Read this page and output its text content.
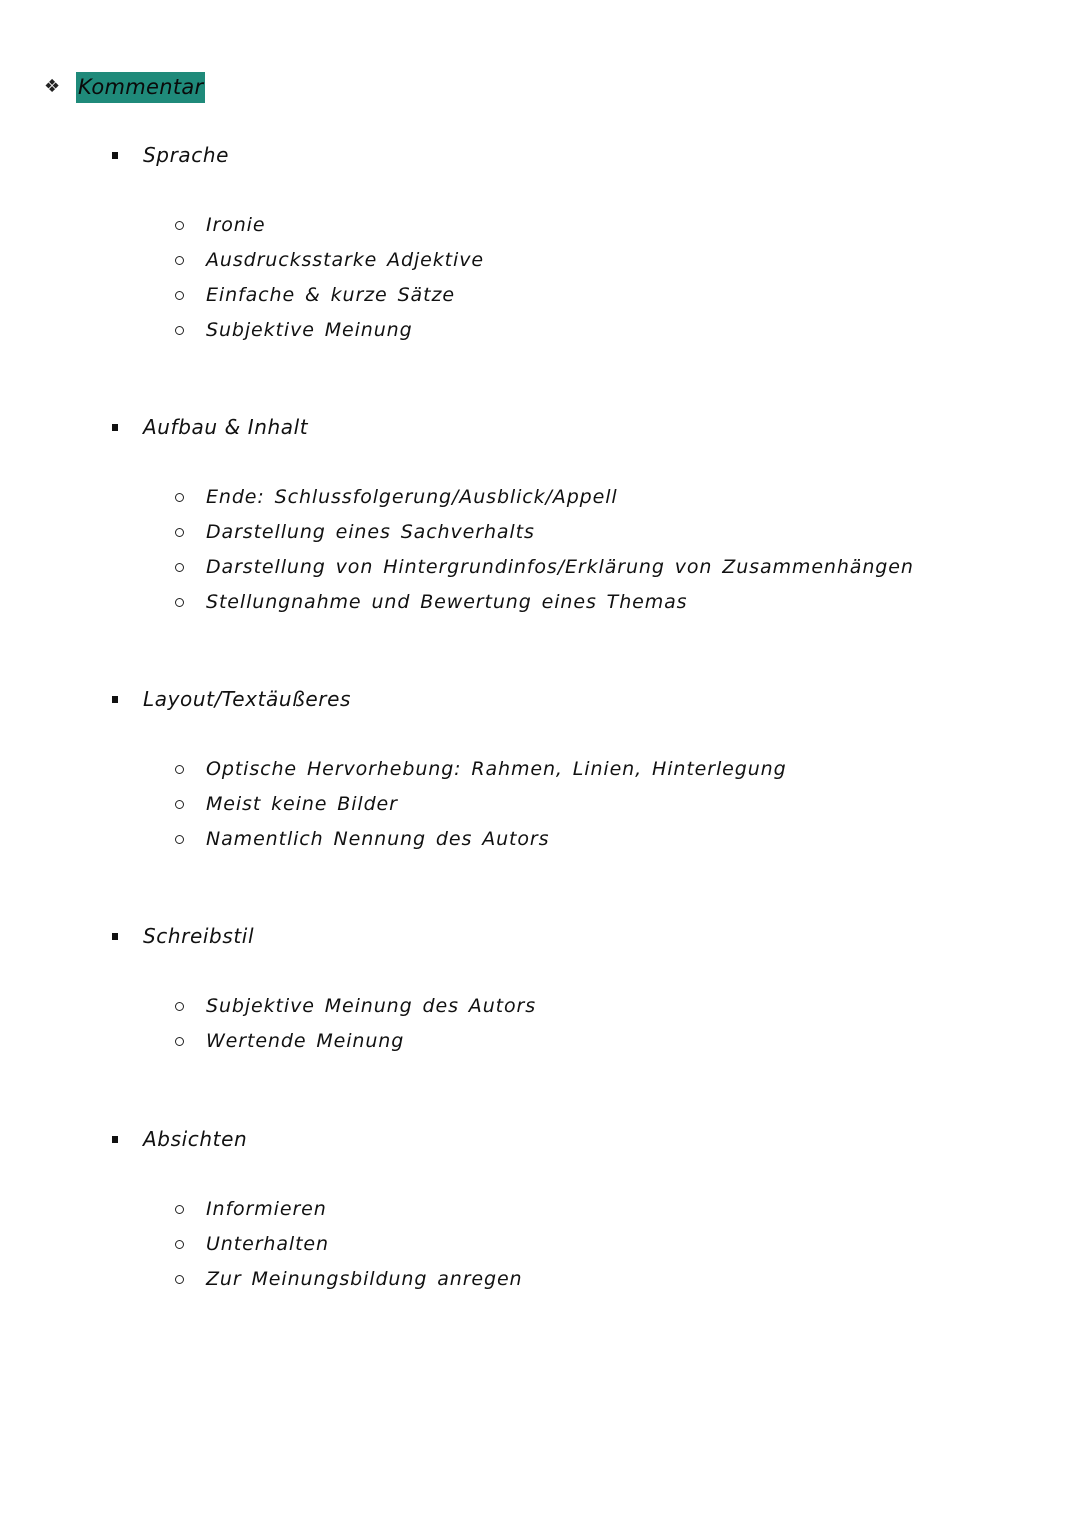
❖ Kommentar
Sprache
Ironie
Ausdrucksstarke Adjektive
Einfache & kurze Sätze
Subjektive Meinung
Aufbau & Inhalt
Ende: Schlussfolgerung/Ausblick/Appell
Darstellung eines Sachverhalts
Darstellung von Hintergrundinfos/Erklärung von Zusammenhängen
Stellungnahme und Bewertung eines Themas
Layout/Textäußeres
Optische Hervorhebung: Rahmen, Linien, Hinterlegung
Meist keine Bilder
Namentlich Nennung des Autors
Schreibstil
Subjektive Meinung des Autors
Wertende Meinung
Absichten
Informieren
Unterhalten
Zur Meinungsbildung anregen
